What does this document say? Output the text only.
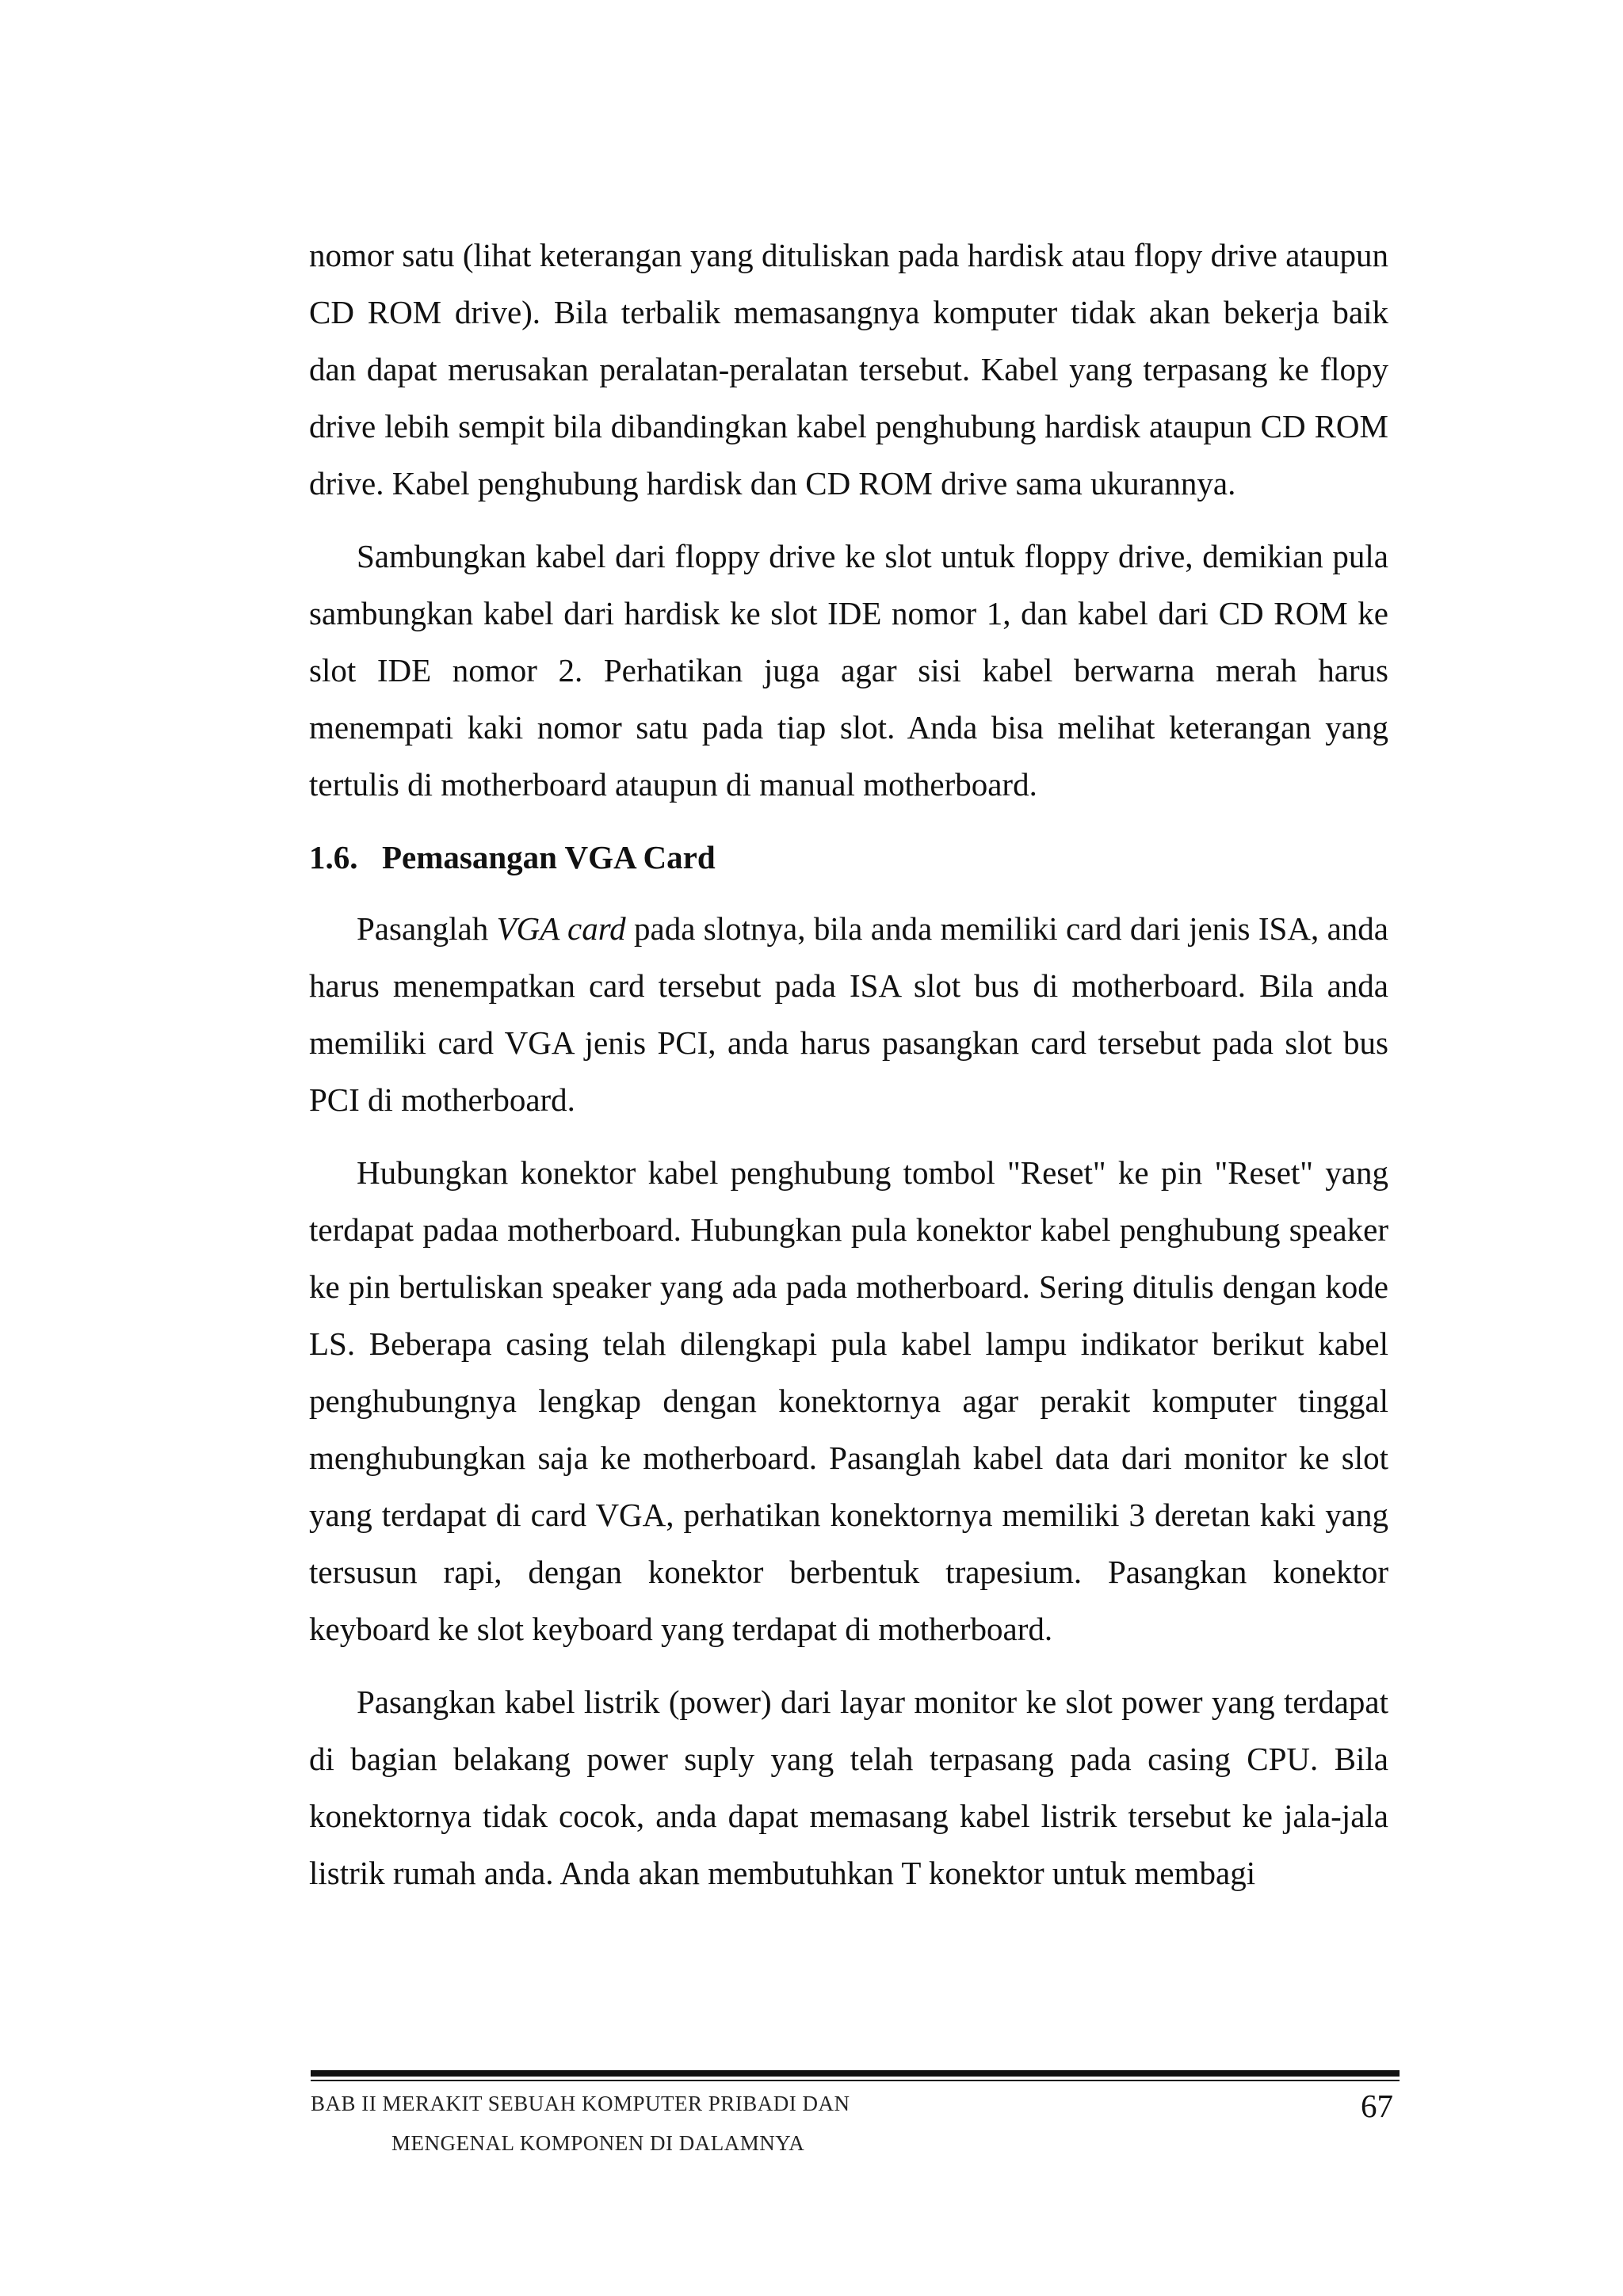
nomor satu (lihat keterangan yang dituliskan pada hardisk atau flopy drive ataupun CD ROM drive). Bila terbalik memasangnya komputer tidak akan bekerja baik dan dapat merusakan peralatan-peralatan tersebut. Kabel yang terpasang ke flopy drive lebih sempit bila dibandingkan kabel penghubung hardisk ataupun CD ROM drive. Kabel penghubung hardisk dan CD ROM drive sama ukurannya.

Sambungkan kabel dari floppy drive ke slot untuk floppy drive, demikian pula sambungkan kabel dari hardisk ke slot IDE nomor 1, dan kabel dari CD ROM ke slot IDE nomor 2. Perhatikan juga agar sisi kabel berwarna merah harus menempati kaki nomor satu pada tiap slot. Anda bisa melihat keterangan yang tertulis di motherboard ataupun di manual motherboard.

1.6. Pemasangan VGA Card

Pasanglah VGA card pada slotnya, bila anda memiliki card dari jenis ISA, anda harus menempatkan card tersebut pada ISA slot bus di motherboard. Bila anda memiliki card VGA jenis PCI, anda harus pasangkan card tersebut pada slot bus PCI di motherboard.

Hubungkan konektor kabel penghubung tombol "Reset" ke pin "Reset" yang terdapat padaa motherboard. Hubungkan pula konektor kabel penghubung speaker ke pin bertuliskan speaker yang ada pada motherboard. Sering ditulis dengan kode LS. Beberapa casing telah dilengkapi pula kabel lampu indikator berikut kabel penghubungnya lengkap dengan konektornya agar perakit komputer tinggal menghubungkan saja ke motherboard. Pasanglah kabel data dari monitor ke slot yang terdapat di card VGA, perhatikan konektornya memiliki 3 deretan kaki yang tersusun rapi, dengan konektor berbentuk trapesium. Pasangkan konektor keyboard ke slot keyboard yang terdapat di motherboard.

Pasangkan kabel listrik (power) dari layar monitor ke slot power yang terdapat di bagian belakang power suply yang telah terpasang pada casing CPU. Bila konektornya tidak cocok, anda dapat memasang kabel listrik tersebut ke jala-jala listrik rumah anda. Anda akan membutuhkan T konektor untuk membagi

BAB II MERAKIT SEBUAH KOMPUTER PRIBADI DAN
MENGENAL KOMPONEN DI DALAMNYA
67
